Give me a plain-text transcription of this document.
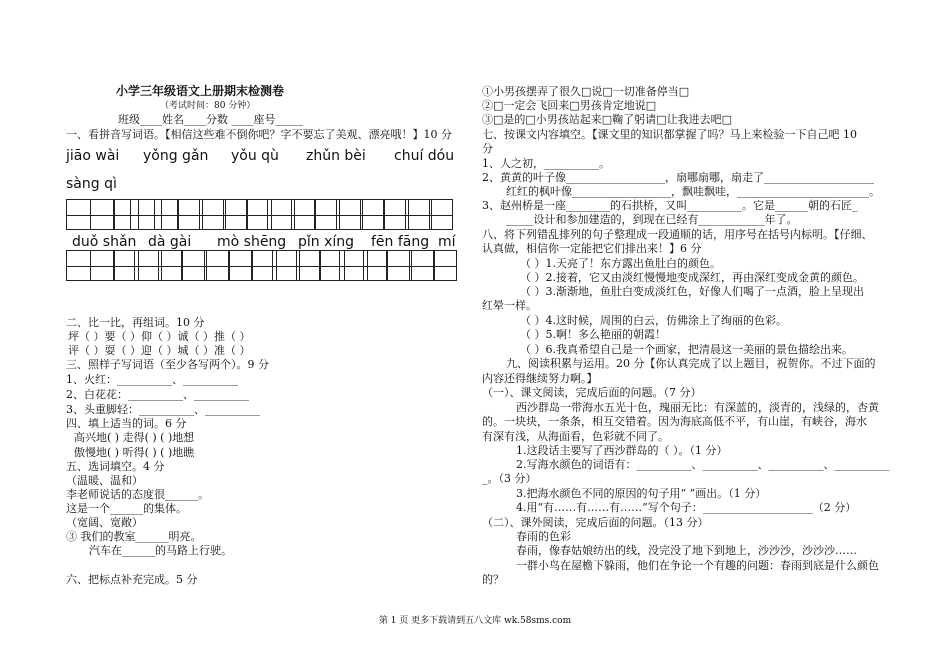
小学三年级语文上册期末检测卷
（考试时间：80 分钟）
班级____姓名____分数 ____座号_____
一、看拼音写词语。【相信这些难不倒你吧？字不要忘了美观、漂亮哦！】10 分
jiāo wài yǒng gǎn yǒu qù zhǔn bèi chuí dóu
sàng qì
duǒ shǎn dà gài mò shēng pǐn xíng fēn fāng mí
二、比一比，再组词。10 分
坪（ ）要（ ）仰（ ）诚（ ）推（ ）
评（ ）耍（ ）迎（ ）城（ ）准（ ）
三、照样子写词语（至少各写两个）。9 分
1、火红：__________、__________
2、白花花：__________、__________
3、头重脚轻：__________、__________
四、填上适当的词。6 分
高兴地( ) 走得( ) ( )地想
傲慢地( ) 听得( ) ( )地瞧
五、选词填空。4 分
（温暖、温和）
李老师说话的态度很______。
这是一个______的集体。
（宽阔、宽敞）
③ 我们的教室______明亮。
汽车在______的马路上行驶。
六、把标点补充完成。5 分
①小男孩摆弄了很久□说□一切准备停当□
②□一定会飞回来□男孩肯定地说□
③□是的□小男孩站起来□鞠了躬请□让我进去吧□
七、按课文内容填空。【课文里的知识都掌握了吗？马上来检验一下自己吧 10
分
1、人之初，__________。
2、黄黄的叶子像__________________，扇哪扇哪，扇走了____________________
红红的枫叶像__________________，飘哇飘哇，________________________。
3、赵州桥是一座________的石拱桥，又叫__________。它是______朝的石匠_
_____设计和参加建造的，到现在已经有____________年了。
八、将下列错乱排列的句子整理成一段通顺的话，用序号在括号内标明。【仔细、
认真做，相信你一定能把它们排出来！】6 分
（ ）1.天亮了！东方露出鱼肚白的颜色。
（ ）2.接着，它又由淡红慢慢地变成深红，再由深红变成金黄的颜色。
（ ）3.渐渐地，鱼肚白变成淡红色，好像人们喝了一点酒，脸上呈现出
红晕一样。
（ ）4.这时候，周围的白云，仿佛涂上了绚丽的色彩。
（ ）5.啊！多么艳丽的朝霞！
（ ）6.我真希望自己是一个画家，把清晨这一美丽的景色描绘出来。
九、阅读积累与运用。20 分【你认真完成了以上题目，祝贺你。不过下面的
内容还得继续努力啊。】
（一）、课文阅读，完成后面的问题。（7 分）
西沙群岛一带海水五光十色，瑰丽无比：有深蓝的，淡青的，浅绿的，杏黄
的。一块块，一条条，相互交错着。因为海底高低不平，有山崖，有峡谷，海水
有深有浅，从海面看，色彩就不同了。
1.这段话主要写了西沙群岛的（ ）。（1 分）
2.写海水颜色的词语有：__________、__________、__________、__________
_。（3 分）
3.把海水颜色不同的原因的句子用“ ”画出。（1 分）
4.用“有……有……有……”写个句子：____________________（2 分）
（二）、课外阅读，完成后面的问题。（13 分）
春雨的色彩
春雨，像春姑娘纺出的线，没完没了地下到地上，沙沙沙，沙沙沙……
一群小鸟在屋檐下躲雨，他们在争论一个有趣的问题：春雨到底是什么颜色
的？
第 1 页 更多下载请到五八文库 wk.58sms.com
